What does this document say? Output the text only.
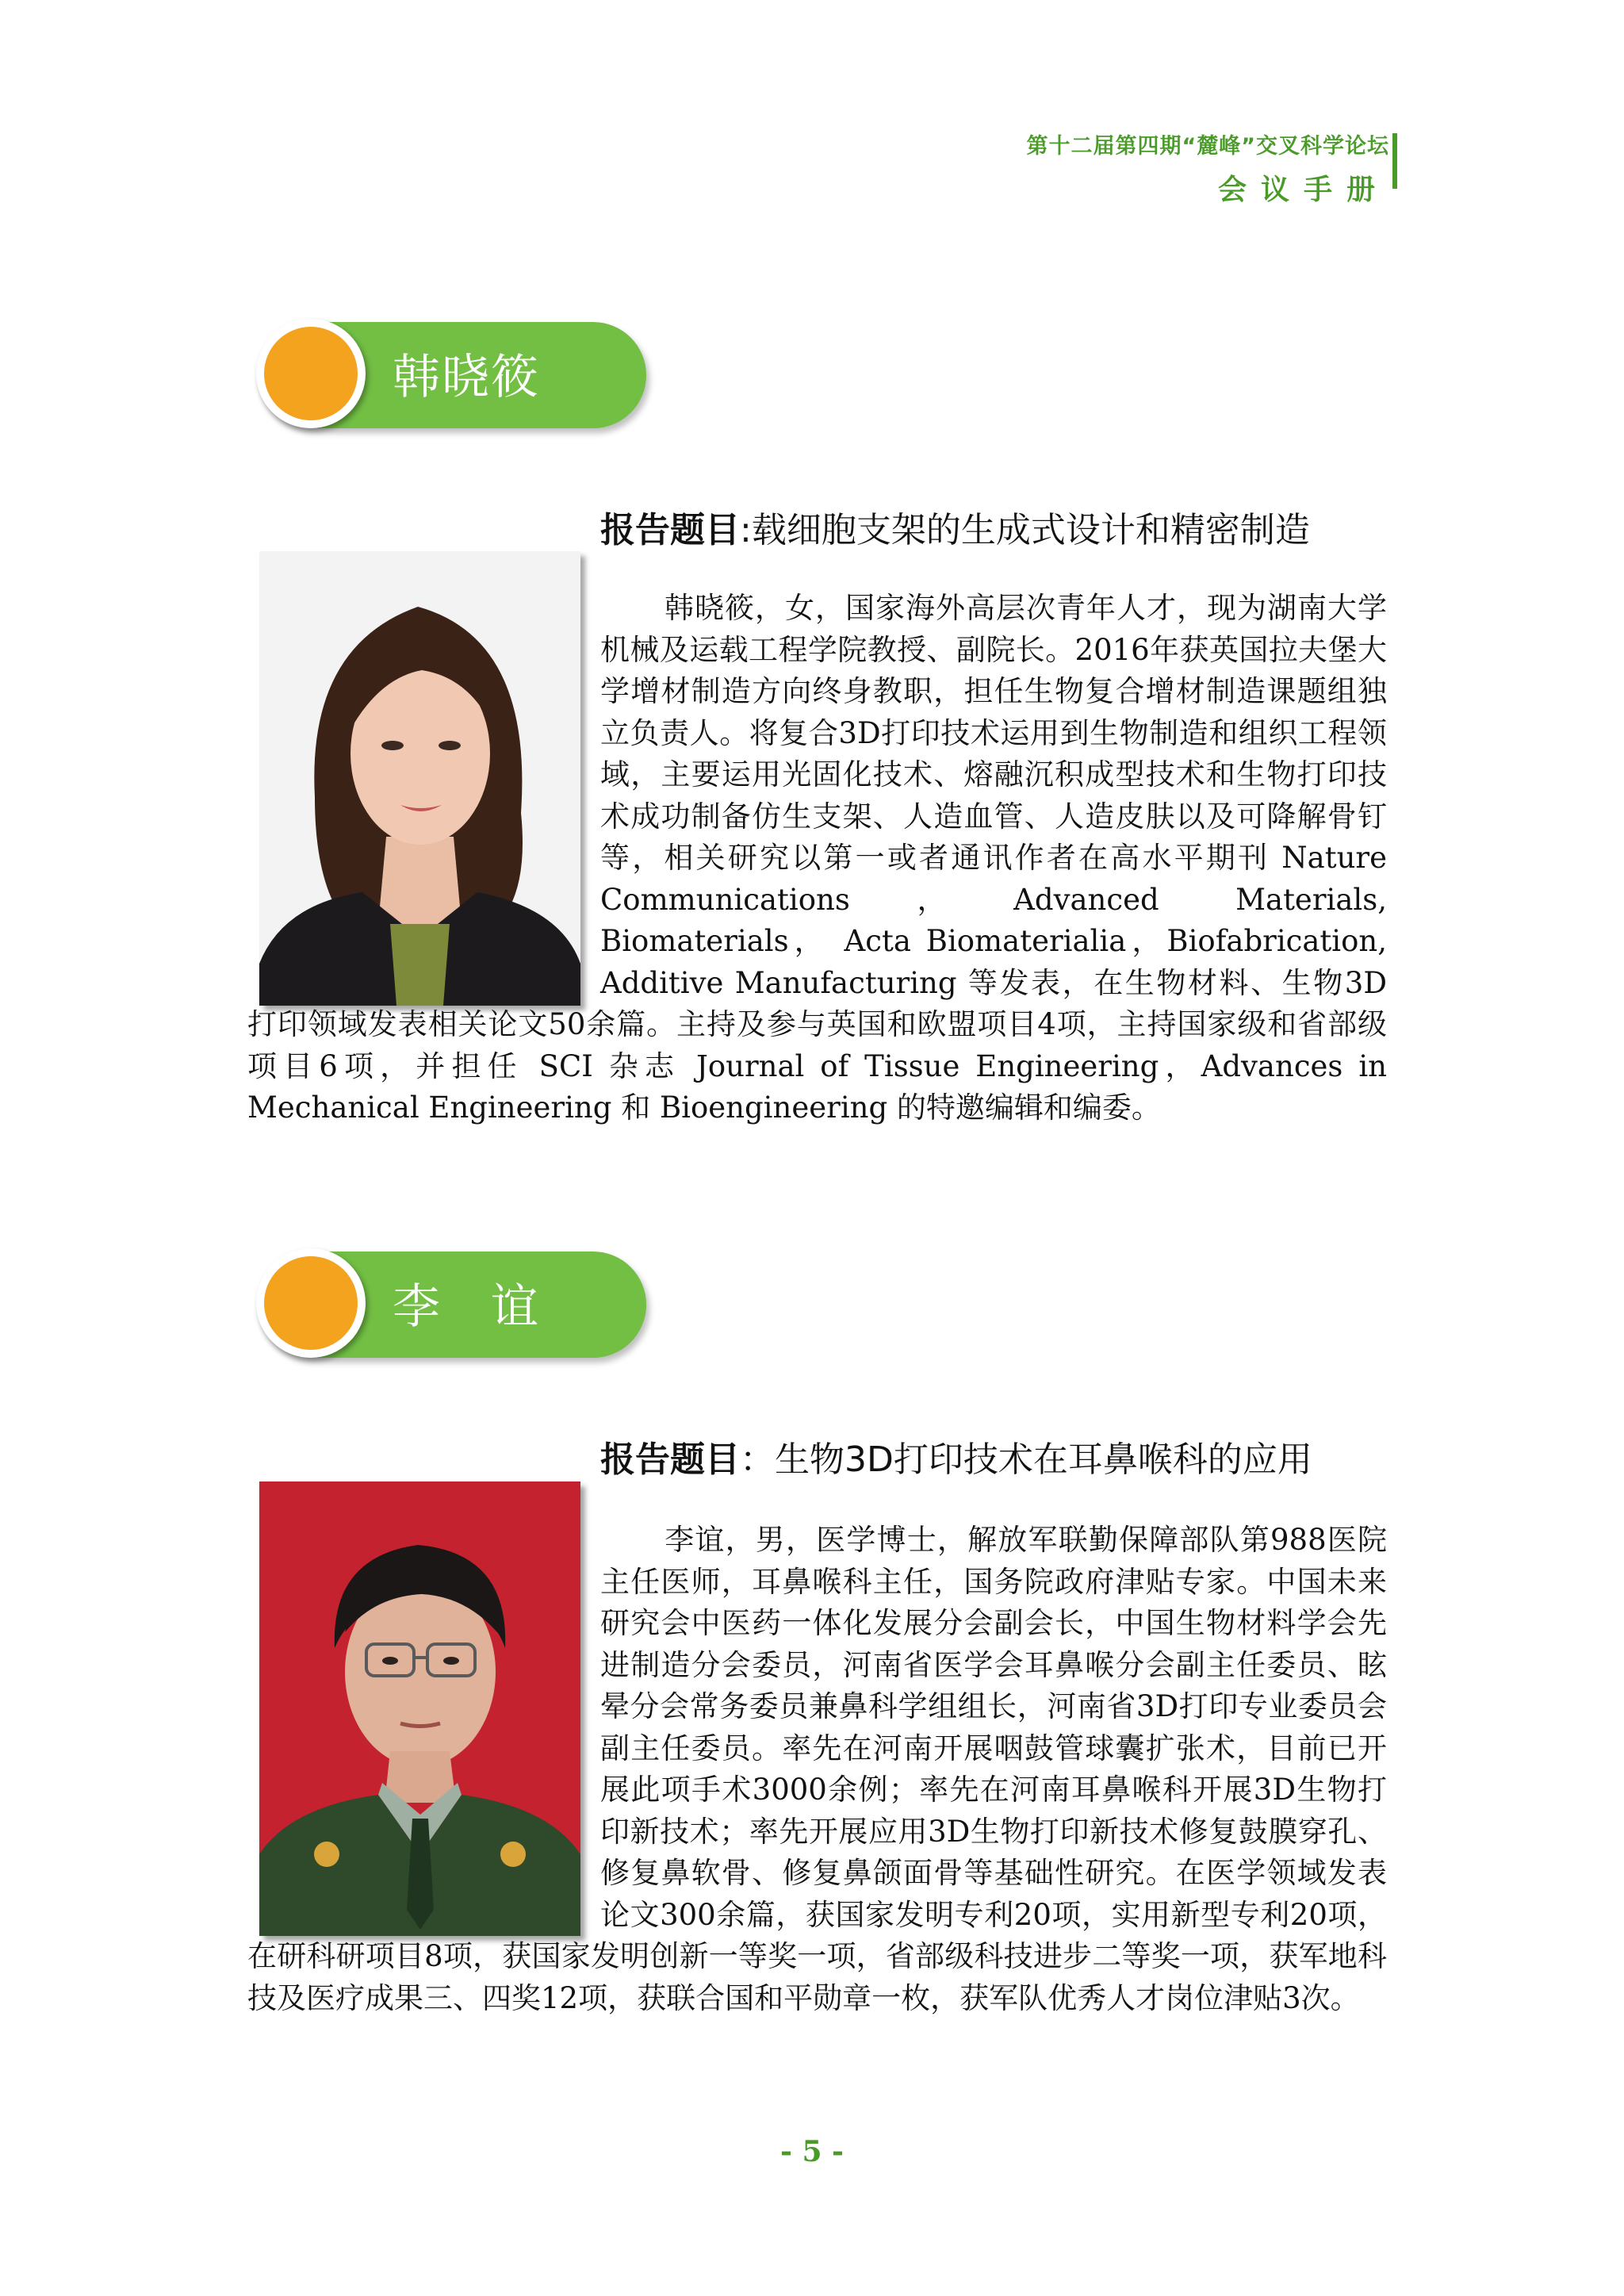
第十二届第四期“麓峰”交叉科学论坛
会议手册
韩晓筱
报告题目:载细胞支架的生成式设计和精密制造

韩晓筱，女，国家海外高层次青年人才，现为湖南大学机械及运载工程学院教授、副院长。2016年获英国拉夫堡大学增材制造方向终身教职，担任生物复合增材制造课题组独立负责人。将复合3D打印技术运用到生物制造和组织工程领域，主要运用光固化技术、熔融沉积成型技术和生物打印技术成功制备仿生支架、人造血管、人造皮肤以及可降解骨钉等，相关研究以第一或者通讯作者在高水平期刊 Nature Communications，Advanced Materials, Biomaterials， Acta Biomaterialia，Biofabrication, Additive Manufacturing 等发表，在生物材料、生物3D打印领域发表相关论文50余篇。主持及参与英国和欧盟项目4项，主持国家级和省部级项目6项，并担任 SCI 杂志 Journal of Tissue Engineering，Advances in Mechanical Engineering 和 Bioengineering 的特邀编辑和编委。

李　谊
报告题目：生物3D打印技术在耳鼻喉科的应用

李谊，男，医学博士，解放军联勤保障部队第988医院主任医师，耳鼻喉科主任，国务院政府津贴专家。中国未来研究会中医药一体化发展分会副会长，中国生物材料学会先进制造分会委员，河南省医学会耳鼻喉分会副主任委员、眩晕分会常务委员兼鼻科学组组长，河南省3D打印专业委员会副主任委员。率先在河南开展咽鼓管球囊扩张术，目前已开展此项手术3000余例；率先在河南耳鼻喉科开展3D生物打印新技术；率先开展应用3D生物打印新技术修复鼓膜穿孔、修复鼻软骨、修复鼻颌面骨等基础性研究。在医学领域发表论文300余篇，获国家发明专利20项，实用新型专利20项，在研科研项目8项，获国家发明创新一等奖一项，省部级科技进步二等奖一项，获军地科技及医疗成果三、四奖12项，获联合国和平勋章一枚，获军队优秀人才岗位津贴3次。

- 5 -
